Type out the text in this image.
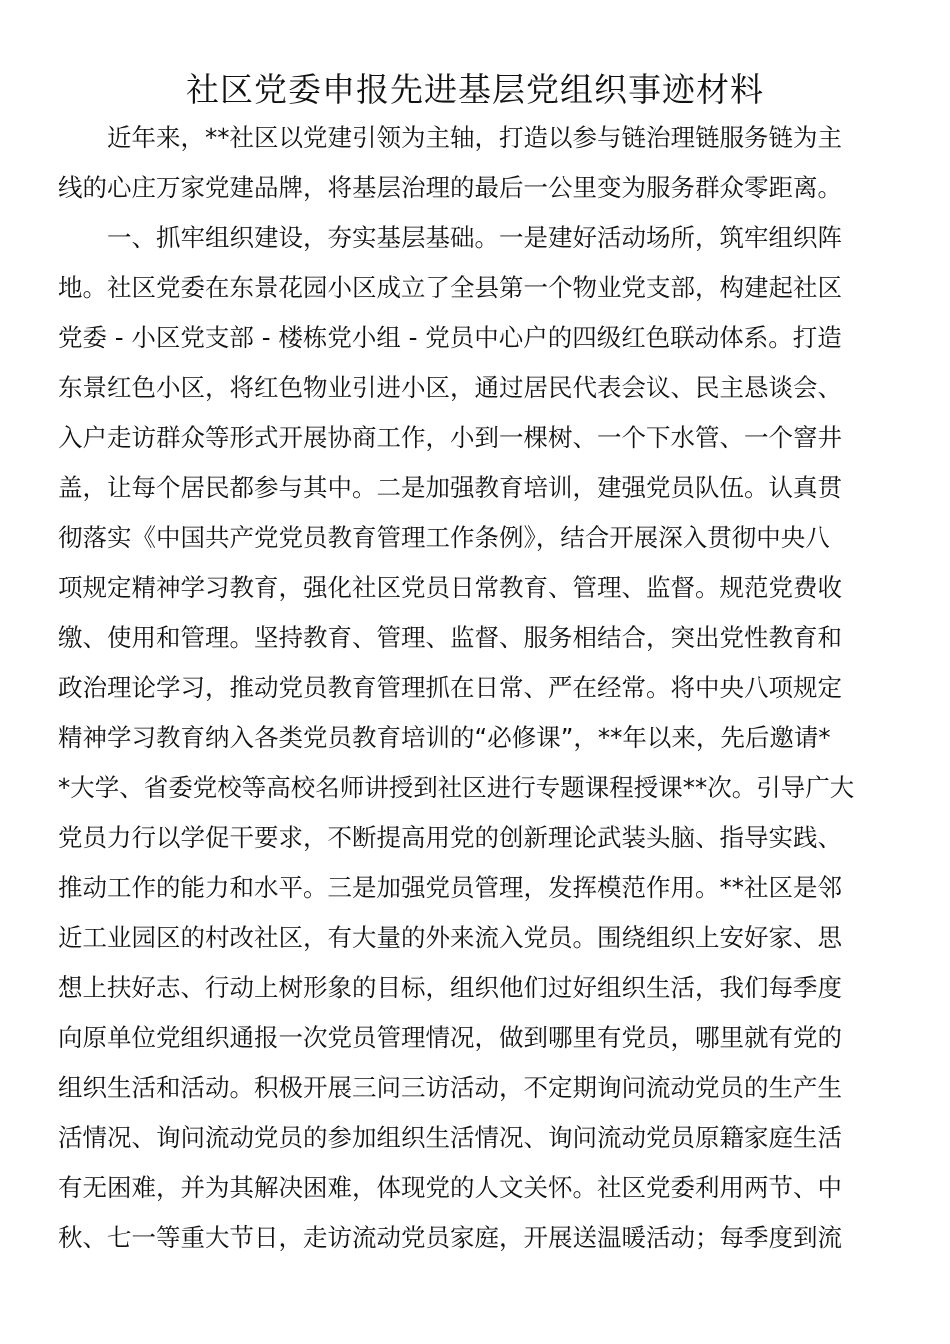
社区党委申报先进基层党组织事迹材料
近年来，**社区以党建引领为主轴，打造以参与链治理链服务链为主
线的心庄万家党建品牌，将基层治理的最后一公里变为服务群众零距离。
一、抓牢组织建设，夯实基层基础。一是建好活动场所，筑牢组织阵
地。社区党委在东景花园小区成立了全县第一个物业党支部，构建起社区
党委 - 小区党支部 - 楼栋党小组 - 党员中心户的四级红色联动体系。打造
东景红色小区，将红色物业引进小区，通过居民代表会议、民主恳谈会、
入户走访群众等形式开展协商工作，小到一棵树、一个下水管、一个窨井
盖，让每个居民都参与其中。二是加强教育培训，建强党员队伍。认真贯
彻落实《中国共产党党员教育管理工作条例》，结合开展深入贯彻中央八
项规定精神学习教育，强化社区党员日常教育、管理、监督。规范党费收
缴、使用和管理。坚持教育、管理、监督、服务相结合，突出党性教育和
政治理论学习，推动党员教育管理抓在日常、严在经常。将中央八项规定
精神学习教育纳入各类党员教育培训的“必修课”，**年以来，先后邀请*
*大学、省委党校等高校名师讲授到社区进行专题课程授课**次。引导广大
党员力行以学促干要求，不断提高用党的创新理论武装头脑、指导实践、
推动工作的能力和水平。三是加强党员管理，发挥模范作用。**社区是邻
近工业园区的村改社区，有大量的外来流入党员。围绕组织上安好家、思
想上扶好志、行动上树形象的目标，组织他们过好组织生活，我们每季度
向原单位党组织通报一次党员管理情况，做到哪里有党员，哪里就有党的
组织生活和活动。积极开展三问三访活动，不定期询问流动党员的生产生
活情况、询问流动党员的参加组织生活情况、询问流动党员原籍家庭生活
有无困难，并为其解决困难，体现党的人文关怀。社区党委利用两节、中
秋、七一等重大节日，走访流动党员家庭，开展送温暖活动；每季度到流
